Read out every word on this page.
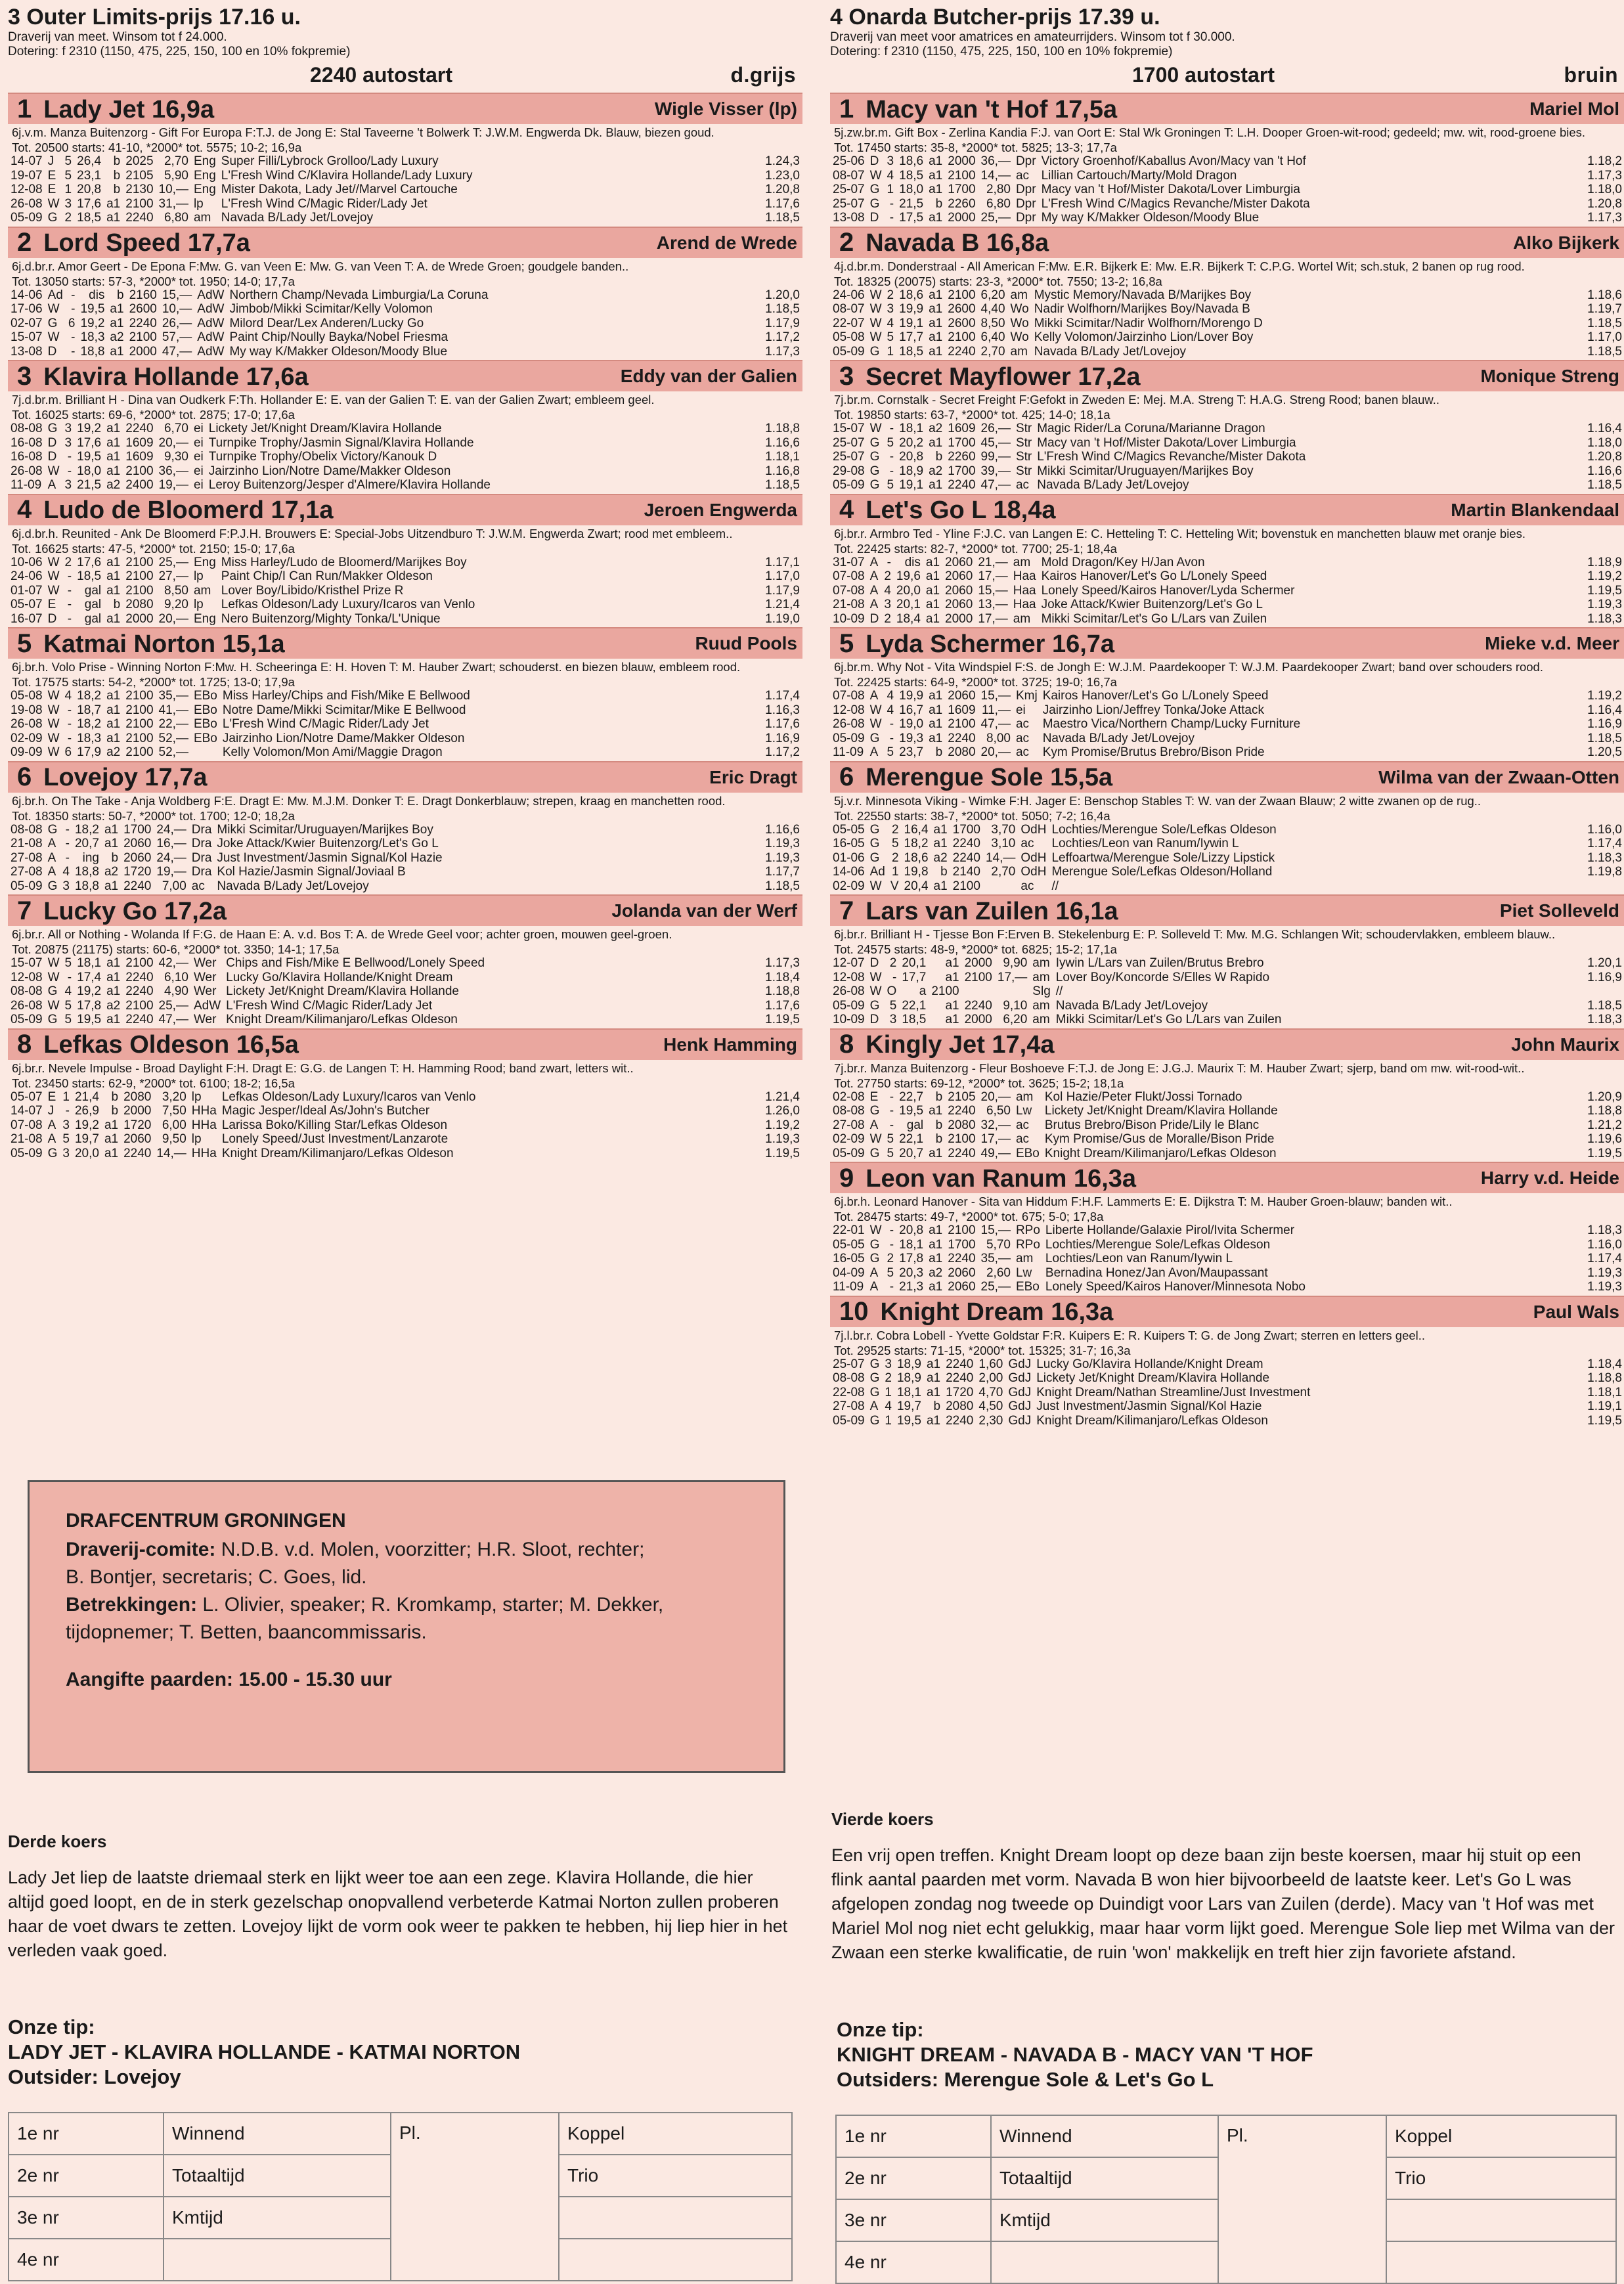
3 Outer Limits-prijs 17.16 u.
Draverij van meet. Winsom tot f 24.000.
Dotering: f 2310 (1150, 475, 225, 150, 100 en 10% fokpremie)
2240 autostart	d.grijs
1 Lady Jet 16,9a	Wigle Visser (lp)
6j.v.m. Manza Buitenzorg - Gift For Europa F:T.J. de Jong E: Stal Taveerne 't Bolwerk T: J.W.M. Engwerda Dk. Blauw, biezen goud.
Tot. 20500 starts: 41-10, *2000* tot. 5575; 10-2; 16,9a
14-07	J	5	26,4	b	2025	2,70	Eng	Super Filli/Lybrock Grolloo/Lady Luxury	1.24,3
19-07	E	5	23,1	b	2105	5,90	Eng	L'Fresh Wind C/Klavira Hollande/Lady Luxury	1.23,0
12-08	E	1	20,8	b	2130	10,—	Eng	Mister Dakota, Lady Jet//Marvel Cartouche	1.20,8
26-08	W	3	17,6	a1	2100	31,—	lp	L'Fresh Wind C/Magic Rider/Lady Jet	1.17,6
05-09	G	2	18,5	a1	2240	6,80	am	Navada B/Lady Jet/Lovejoy	1.18,5
2 Lord Speed 17,7a	Arend de Wrede
6j.d.br.r. Amor Geert - De Epona F:Mw. G. van Veen E: Mw. G. van Veen T: A. de Wrede Groen; goudgele banden..
Tot. 13050 starts: 57-3, *2000* tot. 1950; 14-0; 17,7a
14-06	Ad	-	dis	b	2160	15,—	AdW	Northern Champ/Nevada Limburgia/La Coruna	1.20,0
17-06	W	-	19,5	a1	2600	10,—	AdW	Jimbob/Mikki Scimitar/Kelly Volomon	1.18,5
02-07	G	6	19,2	a1	2240	26,—	AdW	Milord Dear/Lex Anderen/Lucky Go	1.17,9
15-07	W	-	18,3	a2	2100	57,—	AdW	Paint Chip/Noully Bayka/Nobel Friesma	1.17,2
13-08	D	-	18,8	a1	2000	47,—	AdW	My way K/Makker Oldeson/Moody Blue	1.17,3
3 Klavira Hollande 17,6a	Eddy van der Galien
7j.d.br.m. Brilliant H - Dina van Oudkerk F:Th. Hollander E: E. van der Galien T: E. van der Galien Zwart; embleem geel.
Tot. 16025 starts: 69-6, *2000* tot. 2875; 17-0; 17,6a
08-08	G	3	19,2	a1	2240	6,70	ei	Lickety Jet/Knight Dream/Klavira Hollande	1.18,8
16-08	D	3	17,6	a1	1609	20,—	ei	Turnpike Trophy/Jasmin Signal/Klavira Hollande	1.16,6
16-08	D	-	19,5	a1	1609	9,30	ei	Turnpike Trophy/Obelix Victory/Kanouk D	1.18,1
26-08	W	-	18,0	a1	2100	36,—	ei	Jairzinho Lion/Notre Dame/Makker Oldeson	1.16,8
11-09	A	3	21,5	a2	2400	19,—	ei	Leroy Buitenzorg/Jesper d'Almere/Klavira Hollande	1.18,5
4 Ludo de Bloomerd 17,1a	Jeroen Engwerda
6j.d.br.h. Reunited - Ank De Bloomerd F:P.J.H. Brouwers E: Special-Jobs Uitzendburo T: J.W.M. Engwerda Zwart; rood met embleem..
Tot. 16625 starts: 47-5, *2000* tot. 2150; 15-0; 17,6a
10-06	W	2	17,6	a1	2100	25,—	Eng	Miss Harley/Ludo de Bloomerd/Marijkes Boy	1.17,1
24-06	W	-	18,5	a1	2100	27,—	lp	Paint Chip/I Can Run/Makker Oldeson	1.17,0
01-07	W	-	gal	a1	2100	8,50	am	Lover Boy/Libido/Kristhel Prize R	1.17,9
05-07	E	-	gal	b	2080	9,20	lp	Lefkas Oldeson/Lady Luxury/Icaros van Venlo	1.21,4
16-07	D	-	gal	a1	2000	20,—	Eng	Nero Buitenzorg/Mighty Tonka/L'Unique	1.19,0
5 Katmai Norton 15,1a	Ruud Pools
6j.br.h. Volo Prise - Winning Norton F:Mw. H. Scheeringa E: H. Hoven T: M. Hauber Zwart; schouderst. en biezen blauw, embleem rood.
Tot. 17575 starts: 54-2, *2000* tot. 1725; 13-0; 17,9a
05-08	W	4	18,2	a1	2100	35,—	EBo	Miss Harley/Chips and Fish/Mike E Bellwood	1.17,4
19-08	W	-	18,7	a1	2100	41,—	EBo	Notre Dame/Mikki Scimitar/Mike E Bellwood	1.16,3
26-08	W	-	18,2	a1	2100	22,—	EBo	L'Fresh Wind C/Magic Rider/Lady Jet	1.17,6
02-09	W	-	18,3	a1	2100	52,—	EBo	Jairzinho Lion/Notre Dame/Makker Oldeson	1.16,9
09-09	W	6	17,9	a2	2100	52,—		Kelly Volomon/Mon Ami/Maggie Dragon	1.17,2
6 Lovejoy 17,7a	Eric Dragt
6j.br.h. On The Take - Anja Woldberg F:E. Dragt E: Mw. M.J.M. Donker T: E. Dragt Donkerblauw; strepen, kraag en manchetten rood.
Tot. 18350 starts: 50-7, *2000* tot. 1700; 12-0; 18,2a
08-08	G	-	18,2	a1	1700	24,—	Dra	Mikki Scimitar/Uruguayen/Marijkes Boy	1.16,6
21-08	A	-	20,7	a1	2060	16,—	Dra	Joke Attack/Kwier Buitenzorg/Let's Go L	1.19,3
27-08	A	-	ing	b	2060	24,—	Dra	Just Investment/Jasmin Signal/Kol Hazie	1.19,3
27-08	A	4	18,8	a2	1720	19,—	Dra	Kol Hazie/Jasmin Signal/Joviaal B	1.17,7
05-09	G	3	18,8	a1	2240	7,00	ac	Navada B/Lady Jet/Lovejoy	1.18,5
7 Lucky Go 17,2a	Jolanda van der Werf
6j.br.r. All or Nothing - Wolanda If F:G. de Haan E: A. v.d. Bos T: A. de Wrede Geel voor; achter groen, mouwen geel-groen.
Tot. 20875 (21175) starts: 60-6, *2000* tot. 3350; 14-1; 17,5a
15-07	W	5	18,1	a1	2100	42,—	Wer	Chips and Fish/Mike E Bellwood/Lonely Speed	1.17,3
12-08	W	-	17,4	a1	2240	6,10	Wer	Lucky Go/Klavira Hollande/Knight Dream	1.18,4
08-08	G	4	19,2	a1	2240	4,90	Wer	Lickety Jet/Knight Dream/Klavira Hollande	1.18,8
26-08	W	5	17,8	a2	2100	25,—	AdW	L'Fresh Wind C/Magic Rider/Lady Jet	1.17,6
05-09	G	5	19,5	a1	2240	47,—	Wer	Knight Dream/Kilimanjaro/Lefkas Oldeson	1.19,5
8 Lefkas Oldeson 16,5a	Henk Hamming
6j.br.r. Nevele Impulse - Broad Daylight F:H. Dragt E: G.G. de Langen T: H. Hamming Rood; band zwart, letters wit..
Tot. 23450 starts: 62-9, *2000* tot. 6100; 18-2; 16,5a
05-07	E	1	21,4	b	2080	3,20	lp	Lefkas Oldeson/Lady Luxury/Icaros van Venlo	1.21,4
14-07	J	-	26,9	b	2000	7,50	HHa	Magic Jesper/Ideal As/John's Butcher	1.26,0
07-08	A	3	19,2	a1	1720	6,00	HHa	Larissa Boko/Killing Star/Lefkas Oldeson	1.19,2
21-08	A	5	19,7	a1	2060	9,50	lp	Lonely Speed/Just Investment/Lanzarote	1.19,3
05-09	G	3	20,0	a1	2240	14,—	HHa	Knight Dream/Kilimanjaro/Lefkas Oldeson	1.19,5
DRAFCENTRUM GRONINGEN
Draverij-comite: N.D.B. v.d. Molen, voorzitter; H.R. Sloot, rechter;
B. Bontjer, secretaris; C. Goes, lid.
Betrekkingen: L. Olivier, speaker; R. Kromkamp, starter; M. Dekker,
tijdopnemer; T. Betten, baancommissaris.
Aangifte paarden: 15.00 - 15.30 uur
Derde koers
Lady Jet liep de laatste driemaal sterk en lijkt weer toe aan een zege. Klavira Hollande, die hier altijd goed loopt, en de in sterk gezelschap onopvallend verbeterde Katmai Norton zullen proberen haar de voet dwars te zetten. Lovejoy lijkt de vorm ook weer te pakken te hebben, hij liep hier in het verleden vaak goed.
Onze tip:
LADY JET - KLAVIRA HOLLANDE - KATMAI NORTON
Outsider: Lovejoy
1e nr	Winnend	Pl.	Koppel
2e nr	Totaaltijd		Trio
3e nr	Kmtijd		
4e nr			
4 Onarda Butcher-prijs 17.39 u.
Draverij van meet voor amatrices en amateurrijders. Winsom tot f 30.000.
Dotering: f 2310 (1150, 475, 225, 150, 100 en 10% fokpremie)
1700 autostart	bruin
1 Macy van 't Hof 17,5a	Mariel Mol
5j.zw.br.m. Gift Box - Zerlina Kandia F:J. van Oort E: Stal Wk Groningen T: L.H. Dooper Groen-wit-rood; gedeeld; mw. wit, rood-groene bies.
Tot. 17450 starts: 35-8, *2000* tot. 5825; 13-3; 17,7a
25-06	D	3	18,6	a1	2000	36,—	Dpr	Victory Groenhof/Kaballus Avon/Macy van 't Hof	1.18,2
08-07	W	4	18,5	a1	2100	14,—	ac	Lillian Cartouch/Marty/Mold Dragon	1.17,3
25-07	G	1	18,0	a1	1700	2,80	Dpr	Macy van 't Hof/Mister Dakota/Lover Limburgia	1.18,0
25-07	G	-	21,5	b	2260	6,80	Dpr	L'Fresh Wind C/Magics Revanche/Mister Dakota	1.20,8
13-08	D	-	17,5	a1	2000	25,—	Dpr	My way K/Makker Oldeson/Moody Blue	1.17,3
2 Navada B 16,8a	Alko Bijkerk
4j.d.br.m. Donderstraal - All American F:Mw. E.R. Bijkerk E: Mw. E.R. Bijkerk T: C.P.G. Wortel Wit; sch.stuk, 2 banen op rug rood.
Tot. 18325 (20075) starts: 23-3, *2000* tot. 7550; 13-2; 16,8a
24-06	W	2	18,6	a1	2100	6,20	am	Mystic Memory/Navada B/Marijkes Boy	1.18,6
08-07	W	3	19,9	a1	2600	4,40	Wo	Nadir Wolfhorn/Marijkes Boy/Navada B	1.19,7
22-07	W	4	19,1	a1	2600	8,50	Wo	Mikki Scimitar/Nadir Wolfhorn/Morengo D	1.18,5
05-08	W	5	17,7	a1	2100	6,40	Wo	Kelly Volomon/Jairzinho Lion/Lover Boy	1.17,0
05-09	G	1	18,5	a1	2240	2,70	am	Navada B/Lady Jet/Lovejoy	1.18,5
3 Secret Mayflower 17,2a	Monique Streng
7j.br.m. Cornstalk - Secret Freight F:Gefokt in Zweden E: Mej. M.A. Streng T: H.A.G. Streng Rood; banen blauw..
Tot. 19850 starts: 63-7, *2000* tot. 425; 14-0; 18,1a
15-07	W	-	18,1	a2	1609	26,—	Str	Magic Rider/La Coruna/Marianne Dragon	1.16,4
25-07	G	5	20,2	a1	1700	45,—	Str	Macy van 't Hof/Mister Dakota/Lover Limburgia	1.18,0
25-07	G	-	20,8	b	2260	99,—	Str	L'Fresh Wind C/Magics Revanche/Mister Dakota	1.20,8
29-08	G	-	18,9	a2	1700	39,—	Str	Mikki Scimitar/Uruguayen/Marijkes Boy	1.16,6
05-09	G	5	19,1	a1	2240	47,—	ac	Navada B/Lady Jet/Lovejoy	1.18,5
4 Let's Go L 18,4a	Martin Blankendaal
6j.br.r. Armbro Ted - Yline F:J.C. van Langen E: C. Hetteling T: C. Hetteling Wit; bovenstuk en manchetten blauw met oranje bies.
Tot. 22425 starts: 82-7, *2000* tot. 7700; 25-1; 18,4a
31-07	A	-	dis	a1	2060	21,—	am	Mold Dragon/Key H/Jan Avon	1.18,9
07-08	A	2	19,6	a1	2060	17,—	Haa	Kairos Hanover/Let's Go L/Lonely Speed	1.19,2
07-08	A	4	20,0	a1	2060	15,—	Haa	Lonely Speed/Kairos Hanover/Lyda Schermer	1.19,5
21-08	A	3	20,1	a1	2060	13,—	Haa	Joke Attack/Kwier Buitenzorg/Let's Go L	1.19,3
10-09	D	2	18,4	a1	2000	17,—	am	Mikki Scimitar/Let's Go L/Lars van Zuilen	1.18,3
5 Lyda Schermer 16,7a	Mieke v.d. Meer
6j.br.m. Why Not - Vita Windspiel F:S. de Jongh E: W.J.M. Paardekooper T: W.J.M. Paardekooper Zwart; band over schouders rood.
Tot. 22425 starts: 64-9, *2000* tot. 3725; 19-0; 16,7a
07-08	A	4	19,9	a1	2060	15,—	Kmj	Kairos Hanover/Let's Go L/Lonely Speed	1.19,2
12-08	W	4	16,7	a1	1609	11,—	ei	Jairzinho Lion/Jeffrey Tonka/Joke Attack	1.16,4
26-08	W	-	19,0	a1	2100	47,—	ac	Maestro Vica/Northern Champ/Lucky Furniture	1.16,9
05-09	G	-	19,3	a1	2240	8,00	ac	Navada B/Lady Jet/Lovejoy	1.18,5
11-09	A	5	23,7	b	2080	20,—	ac	Kym Promise/Brutus Brebro/Bison Pride	1.20,5
6 Merengue Sole 15,5a	Wilma van der Zwaan-Otten
5j.v.r. Minnesota Viking - Wimke F:H. Jager E: Benschop Stables T: W. van der Zwaan Blauw; 2 witte zwanen op de rug..
Tot. 22550 starts: 38-7, *2000* tot. 5050; 7-2; 16,4a
05-05	G	2	16,4	a1	1700	3,70	OdH	Lochties/Merengue Sole/Lefkas Oldeson	1.16,0
16-05	G	5	18,2	a1	2240	3,10	ac	Lochties/Leon van Ranum/Iywin L	1.17,4
01-06	G	2	18,6	a2	2240	14,—	OdH	Leffoartwa/Merengue Sole/Lizzy Lipstick	1.18,3
14-06	Ad	1	19,8	b	2140	2,70	OdH	Merengue Sole/Lefkas Oldeson/Holland	1.19,8
02-09	W	V	20,4	a1	2100		ac	//	
7 Lars van Zuilen 16,1a	Piet Solleveld
6j.br.r. Brilliant H - Tjesse Bon F:Erven B. Stekelenburg E: P. Solleveld T: Mw. M.G. Schlangen Wit; schoudervlakken, embleem blauw..
Tot. 24575 starts: 48-9, *2000* tot. 6825; 15-2; 17,1a
12-07	D	2	20,1	a1	2000	9,90	am	Iywin L/Lars van Zuilen/Brutus Brebro	1.20,1
12-08	W	-	17,7	a1	2100	17,—	am	Lover Boy/Koncorde S/Elles W Rapido	1.16,9
26-08	W	O	a	2100			Slg	//	
05-09	G	5	22,1	a1	2240	9,10	am	Navada B/Lady Jet/Lovejoy	1.18,5
10-09	D	3	18,5	a1	2000	6,20	am	Mikki Scimitar/Let's Go L/Lars van Zuilen	1.18,3
8 Kingly Jet 17,4a	John Maurix
7j.br.r. Manza Buitenzorg - Fleur Boshoeve F:T.J. de Jong E: J.G.J. Maurix T: M. Hauber Zwart; sjerp, band om mw. wit-rood-wit..
Tot. 27750 starts: 69-12, *2000* tot. 3625; 15-2; 18,1a
02-08	E	-	22,7	b	2105	20,—	am	Kol Hazie/Peter Flukt/Jossi Tornado	1.20,9
08-08	G	-	19,5	a1	2240	6,50	Lw	Lickety Jet/Knight Dream/Klavira Hollande	1.18,8
27-08	A	-	gal	b	2080	32,—	ac	Brutus Brebro/Bison Pride/Lily le Blanc	1.21,2
02-09	W	5	22,1	b	2100	17,—	ac	Kym Promise/Gus de Moralle/Bison Pride	1.19,6
05-09	G	5	20,7	a1	2240	49,—	EBo	Knight Dream/Kilimanjaro/Lefkas Oldeson	1.19,5
9 Leon van Ranum 16,3a	Harry v.d. Heide
6j.br.h. Leonard Hanover - Sita van Hiddum F:H.F. Lammerts E: E. Dijkstra T: M. Hauber Groen-blauw; banden wit..
Tot. 28475 starts: 49-7, *2000* tot. 675; 5-0; 17,8a
22-01	W	-	20,8	a1	2100	15,—	RPo	Liberte Hollande/Galaxie Pirol/Ivita Schermer	1.18,3
05-05	G	-	18,1	a1	1700	5,70	RPo	Lochties/Merengue Sole/Lefkas Oldeson	1.16,0
16-05	G	2	17,8	a1	2240	35,—	am	Lochties/Leon van Ranum/Iywin L	1.17,4
04-09	A	5	20,3	a2	2060	2,60	Lw	Bernadina Honez/Jan Avon/Maupassant	1.19,3
11-09	A	-	21,3	a1	2060	25,—	EBo	Lonely Speed/Kairos Hanover/Minnesota Nobo	1.19,3
10 Knight Dream 16,3a	Paul Wals
7j.l.br.r. Cobra Lobell - Yvette Goldstar F:R. Kuipers E: R. Kuipers T: G. de Jong Zwart; sterren en letters geel..
Tot. 29525 starts: 71-15, *2000* tot. 15325; 31-7; 16,3a
25-07	G	3	18,9	a1	2240	1,60	GdJ	Lucky Go/Klavira Hollande/Knight Dream	1.18,4
08-08	G	2	18,9	a1	2240	2,00	GdJ	Lickety Jet/Knight Dream/Klavira Hollande	1.18,8
22-08	G	1	18,1	a1	1720	4,70	GdJ	Knight Dream/Nathan Streamline/Just Investment	1.18,1
27-08	A	4	19,7	b	2080	4,50	GdJ	Just Investment/Jasmin Signal/Kol Hazie	1.19,1
05-09	G	1	19,5	a1	2240	2,30	GdJ	Knight Dream/Kilimanjaro/Lefkas Oldeson	1.19,5
Vierde koers
Een vrij open treffen. Knight Dream loopt op deze baan zijn beste koersen, maar hij stuit op een flink aantal paarden met vorm. Navada B won hier bijvoorbeeld de laatste keer. Let's Go L was afgelopen zondag nog tweede op Duindigt voor Lars van Zuilen (derde). Macy van 't Hof was met Mariel Mol nog niet echt gelukkig, maar haar vorm lijkt goed. Merengue Sole liep met Wilma van der Zwaan een sterke kwalificatie, de ruin 'won' makkelijk en treft hier zijn favoriete afstand.
Onze tip:
KNIGHT DREAM - NAVADA B - MACY VAN 'T HOF
Outsiders: Merengue Sole & Let's Go L
1e nr	Winnend	Pl.	Koppel
2e nr	Totaaltijd		Trio
3e nr	Kmtijd		
4e nr			
